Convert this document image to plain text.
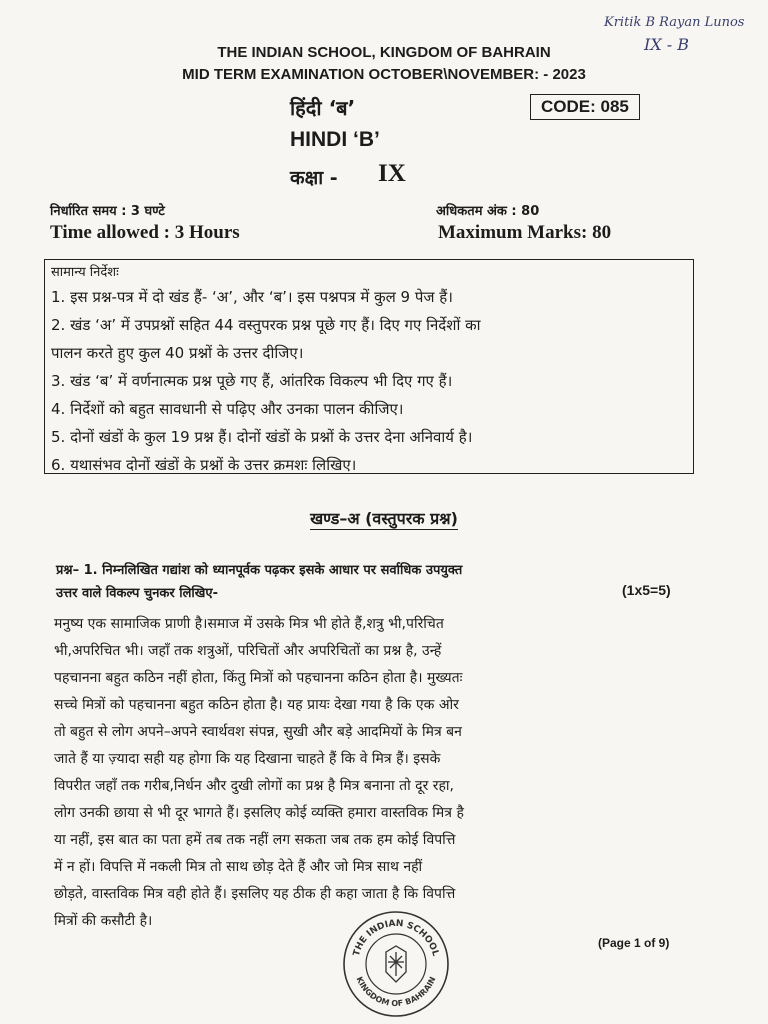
Kritik B Rayan Lunos
IX - B
THE INDIAN SCHOOL, KINGDOM OF BAHRAIN
MID TERM EXAMINATION OCTOBER\NOVEMBER: - 2023
हिंदी ‘ब’	CODE: 085
HINDI ‘B’
कक्षा - IX
निर्धारित समय : 3 घण्टे	अधिकतम अंक : 80
Time allowed : 3 Hours	Maximum Marks: 80
सामान्य निर्देशः
1. इस प्रश्न-पत्र में दो खंड हैं- ‘अ’, और ‘ब’। इस पश्नपत्र में कुल 9 पेज हैं।
2. खंड ‘अ’ में उपप्रश्नों सहित 44 वस्तुपरक प्रश्न पूछे गए हैं। दिए गए निर्देशों का
पालन करते हुए कुल 40 प्रश्नों के उत्तर दीजिए।
3. खंड ‘ब’ में वर्णनात्मक प्रश्न पूछे गए हैं, आंतरिक विकल्प भी दिए गए हैं।
4. निर्देशों को बहुत सावधानी से पढ़िए और उनका पालन कीजिए।
5. दोनों खंडों के कुल 19 प्रश्न हैं। दोनों खंडों के प्रश्नों के उत्तर देना अनिवार्य है।
6. यथासंभव दोनों खंडों के प्रश्नों के उत्तर क्रमशः लिखिए।
खण्ड–अ (वस्तुपरक प्रश्न)
प्रश्न– 1. निम्नलिखित गद्यांश को ध्यानपूर्वक पढ़कर इसके आधार पर सर्वाधिक उपयुक्त
उत्तर वाले विकल्प चुनकर लिखिए-	(1x5=5)
मनुष्य एक सामाजिक प्राणी है।समाज में उसके मित्र भी होते हैं,शत्रु भी,परिचित
भी,अपरिचित भी। जहाँ तक शत्रुओं, परिचितों और अपरिचितों का प्रश्न है, उन्हें
पहचानना बहुत कठिन नहीं होता, किंतु मित्रों को पहचानना कठिन होता है। मुख्यतः
सच्चे मित्रों को पहचानना बहुत कठिन होता है। यह प्रायः देखा गया है कि एक ओर
तो बहुत से लोग अपने–अपने स्वार्थवश संपन्न, सुखी और बड़े आदमियों के मित्र बन
जाते हैं या ज़्यादा सही यह होगा कि यह दिखाना चाहते हैं कि वे मित्र हैं। इसके
विपरीत जहाँ तक गरीब,निर्धन और दुखी लोगों का प्रश्न है मित्र बनाना तो दूर रहा,
लोग उनकी छाया से भी दूर भागते हैं। इसलिए कोई व्यक्ति हमारा वास्तविक मित्र है
या नहीं, इस बात का पता हमें तब तक नहीं लग सकता जब तक हम कोई विपत्ति
में न हों। विपत्ति में नकली मित्र तो साथ छोड़ देते हैं और जो मित्र साथ नहीं
छोड़ते, वास्तविक मित्र वही होते हैं। इसलिए यह ठीक ही कहा जाता है कि विपत्ति
मित्रों की कसौटी है।
THE INDIAN SCHOOL
KINGDOM OF BAHRAIN
(Page 1 of 9)
